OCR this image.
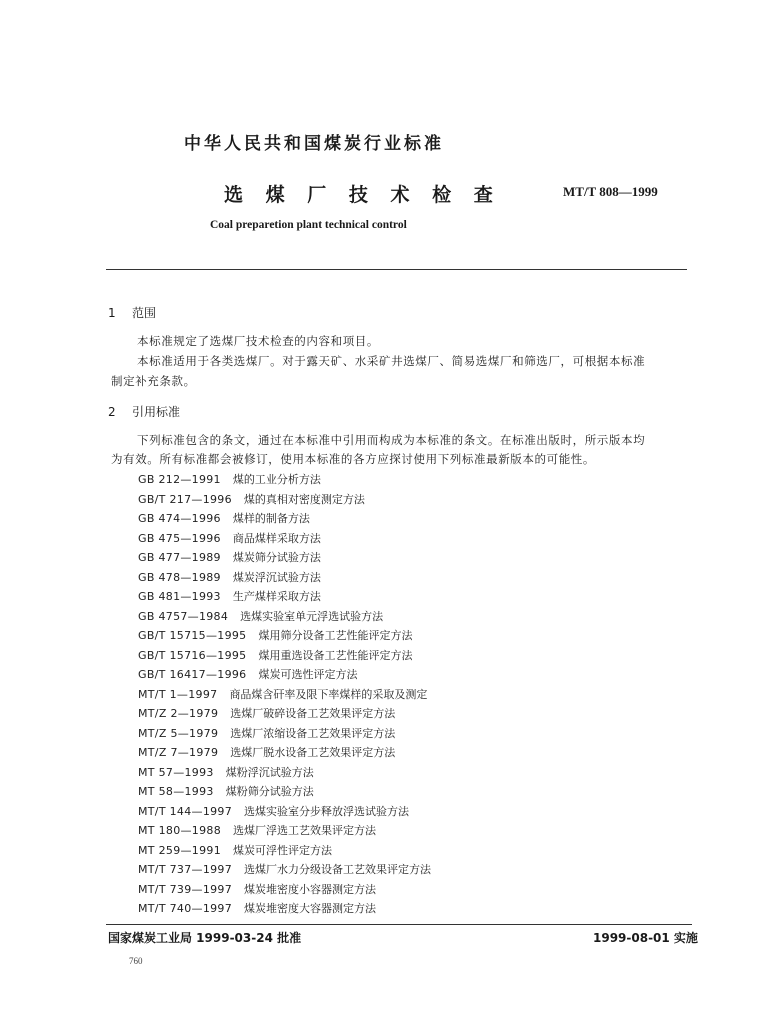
中华人民共和国煤炭行业标准
选 煤 厂 技 术 检 查	MT/T 808—1999
Coal preparetion plant technical control
1 范围
本标准规定了选煤厂技术检查的内容和项目。
本标准适用于各类选煤厂。对于露天矿、水采矿井选煤厂、简易选煤厂和筛选厂，可根据本标准
制定补充条款。
2 引用标准
下列标准包含的条文，通过在本标准中引用而构成为本标准的条文。在标准出版时，所示版本均
为有效。所有标准都会被修订，使用本标准的各方应探讨使用下列标准最新版本的可能性。
GB 212—1991 煤的工业分析方法
GB/T 217—1996 煤的真相对密度测定方法
GB 474—1996 煤样的制备方法
GB 475—1996 商品煤样采取方法
GB 477—1989 煤炭筛分试验方法
GB 478—1989 煤炭浮沉试验方法
GB 481—1993 生产煤样采取方法
GB 4757—1984 选煤实验室单元浮选试验方法
GB/T 15715—1995 煤用筛分设备工艺性能评定方法
GB/T 15716—1995 煤用重选设备工艺性能评定方法
GB/T 16417—1996 煤炭可选性评定方法
MT/T 1—1997 商品煤含矸率及限下率煤样的采取及测定
MT/Z 2—1979 选煤厂破碎设备工艺效果评定方法
MT/Z 5—1979 选煤厂浓缩设备工艺效果评定方法
MT/Z 7—1979 选煤厂脱水设备工艺效果评定方法
MT 57—1993 煤粉浮沉试验方法
MT 58—1993 煤粉筛分试验方法
MT/T 144—1997 选煤实验室分步释放浮选试验方法
MT 180—1988 选煤厂浮选工艺效果评定方法
MT 259—1991 煤炭可浮性评定方法
MT/T 737—1997 选煤厂水力分级设备工艺效果评定方法
MT/T 739—1997 煤炭堆密度小容器测定方法
MT/T 740—1997 煤炭堆密度大容器测定方法
国家煤炭工业局 1999-03-24 批准	1999-08-01 实施
760
